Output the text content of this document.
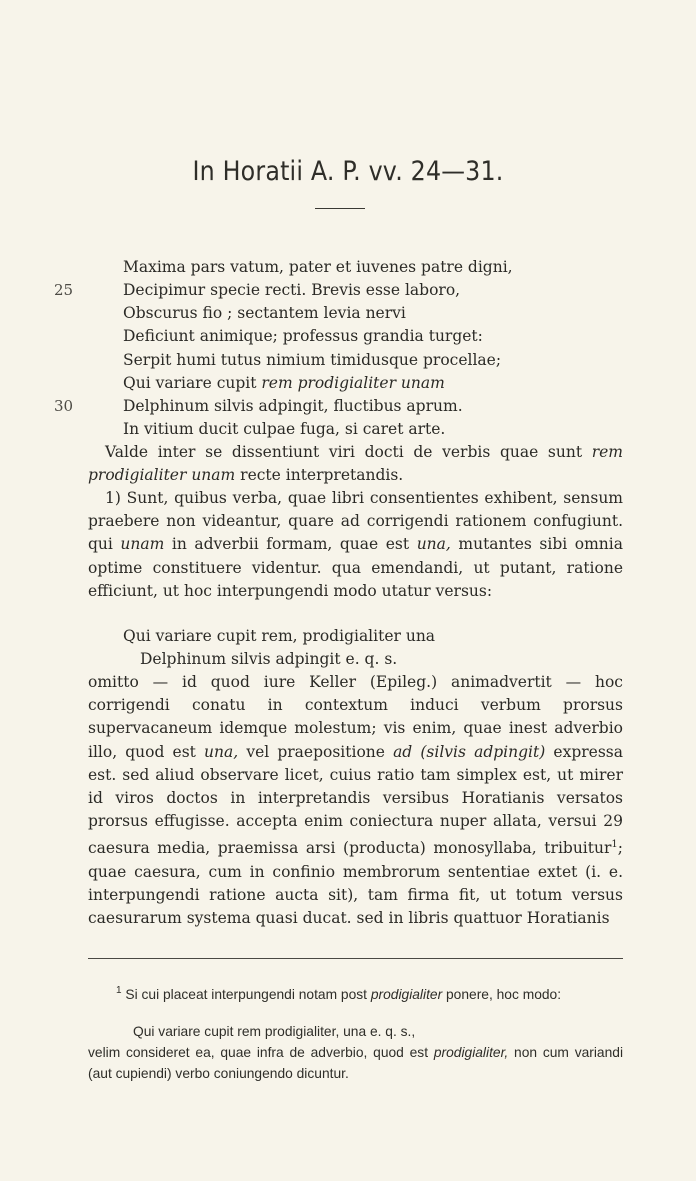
In Horatii A. P. vv. 24—31.
Maxima pars vatum, pater et iuvenes patre digni,
25	Decipimur specie recti. Brevis esse laboro,
Obscurus fio ; sectantem levia nervi
Deficiunt animique; professus grandia turget:
Serpit humi tutus nimium timidusque procellae;
Qui variare cupit rem prodigialiter unam
30	Delphinum silvis adpingit, fluctibus aprum.
In vitium ducit culpae fuga, si caret arte.
Valde inter se dissentiunt viri docti de verbis quae sunt rem prodigialiter unam recte interpretandis.
1) Sunt, quibus verba, quae libri consentientes exhibent, sensum praebere non videantur, quare ad corrigendi rationem confugiunt. qui unam in adverbii formam, quae est una, mutantes sibi omnia optime constituere videntur. qua emendandi, ut putant, ratione efficiunt, ut hoc interpungendi modo utatur versus:
Qui variare cupit rem, prodigialiter una
Delphinum silvis adpingit e. q. s.
omitto — id quod iure Keller (Epileg.) animadvertit — hoc corrigendi conatu in contextum induci verbum prorsus supervacaneum idemque molestum; vis enim, quae inest adverbio illo, quod est una, vel praepositione ad (silvis adpingit) expressa est. sed aliud observare licet, cuius ratio tam simplex est, ut mirer id viros doctos in interpretandis versibus Horatianis versatos prorsus effugisse. accepta enim coniectura nuper allata, versui 29 caesura media, praemissa arsi (producta) monosyllaba, tribuitur$^1$; quae caesura, cum in confinio membrorum sententiae extet (i. e. interpungendi ratione aucta sit), tam firma fit, ut totum versus caesurarum systema quasi ducat. sed in libris quattuor Horatianis
$^1$ Si cui placeat interpungendi notam post prodigialiter ponere, hoc modo:
Qui variare cupit rem prodigialiter, una e. q. s.,
velim consideret ea, quae infra de adverbio, quod est prodigialiter, non cum variandi (aut cupiendi) verbo coniungendo dicuntur.
